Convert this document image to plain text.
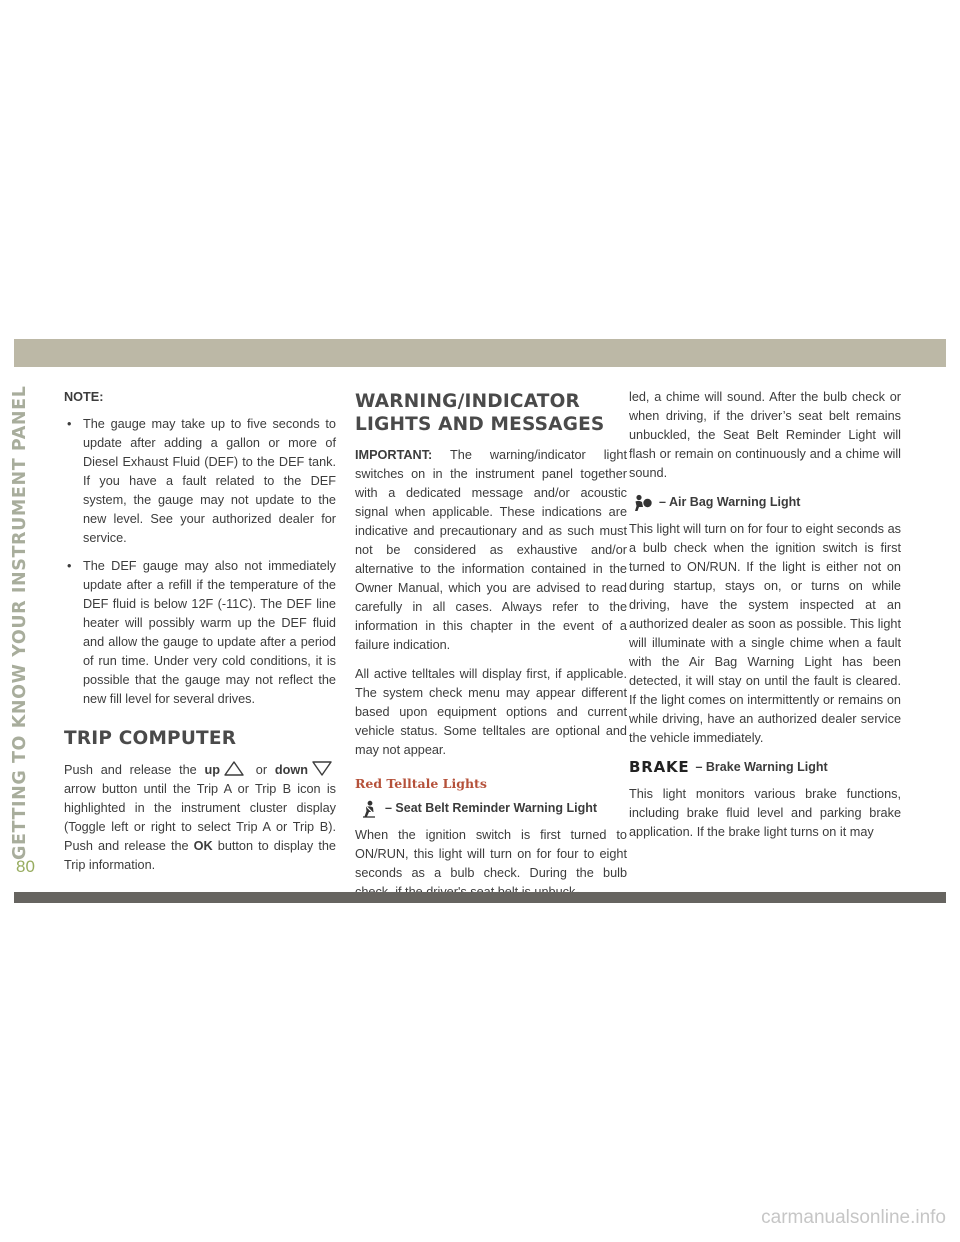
GETTING TO KNOW YOUR INSTRUMENT PANEL	NOTE:

• The gauge may take up to five seconds to update after adding a gallon or more of Diesel Exhaust Fluid (DEF) to the DEF tank. If you have a fault related to the DEF system, the gauge may not update to the new level. See your authorized dealer for service.
• The DEF gauge may also not immediately update after a refill if the temperature of the DEF fluid is below 12F (-11C). The DEF line heater will possibly warm up the DEF fluid and allow the gauge to update after a period of run time. Under very cold conditions, it is possible that the gauge may not reflect the new fill level for several drives.
TRIP COMPUTER

Push and release the up or down arrow button until the Trip A or Trip B icon is highlighted in the instrument cluster display (Toggle left or right to select Trip A or Trip B). Push and release the OK button to display the Trip information.

WARNING/INDICATOR
LIGHTS AND MESSAGES

IMPORTANT: The warning/indicator light switches on in the instrument panel together with a dedicated message and/or acoustic signal when applicable. These indications are indicative and precautionary and as such must not be considered as exhaustive and/or alternative to the information contained in the Owner Manual, which you are advised to read carefully in all cases. Always refer to the information in this chapter in the event of a failure indication.

All active telltales will display first, if applicable. The system check menu may appear different based upon equipment options and current vehicle status. Some telltales are optional and may not appear.

Red Telltale Lights
– Seat Belt Reminder Warning Light

When the ignition switch is first turned to ON/RUN, this light will turn on for four to eight seconds as a bulb check. During the bulb

led, a chime will sound. After the bulb check or when driving, if the driver’s seat belt remains unbuckled, the Seat Belt Reminder Light will flash or remain on continuously and a chime will sound.

– Air Bag Warning Light

This light will turn on for four to eight seconds as a bulb check when the ignition switch is first turned to ON/RUN. If the light is either not on during startup, stays on, or turns on while driving, have the system inspected at an authorized dealer as soon as possible. This light will illuminate with a single chime when a fault with the Air Bag Warning Light has been detected, it will stay on until the fault is cleared. If the light comes on intermittently or remains on while driving, have an authorized dealer service the vehicle immediately.

BRAKE – Brake Warning Light

This light monitors various brake functions, including brake fluid level and parking brake application. If the brake light turns on it may

80
carmanualsonline.info
